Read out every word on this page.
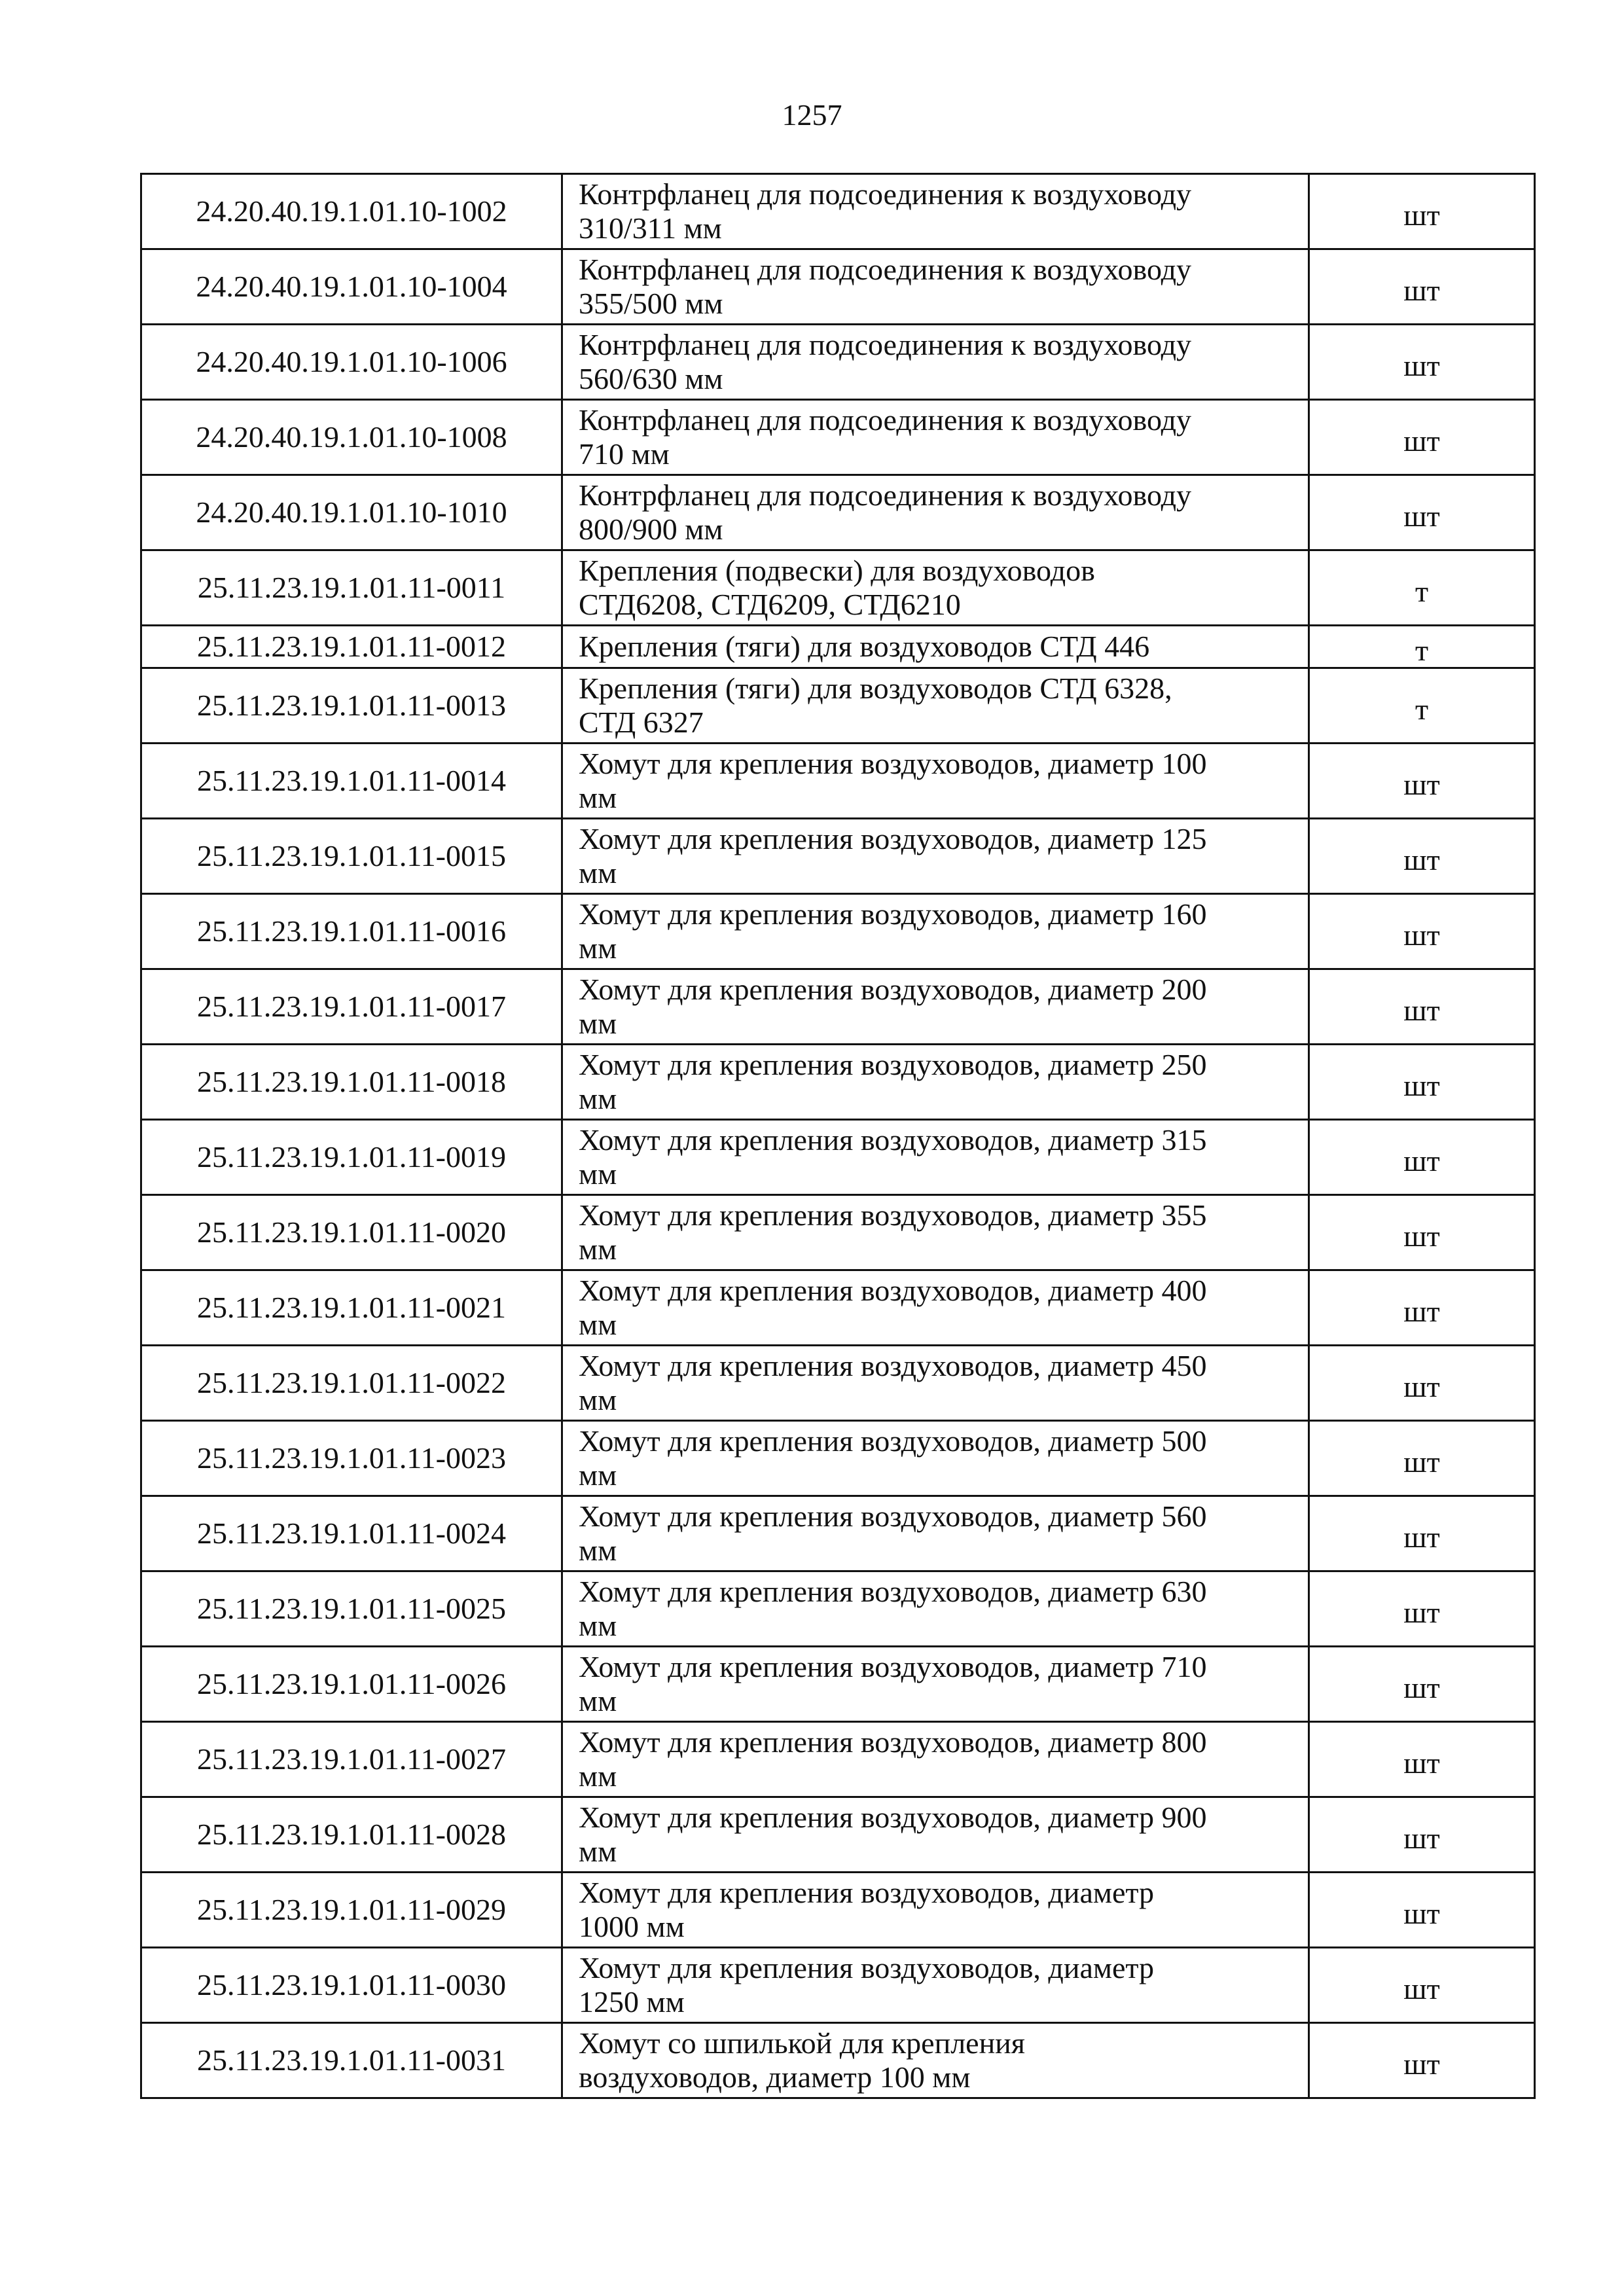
1257
24.20.40.19.1.01.10-1002	Контрфланец для подсоединения к воздуховоду
310/311 мм	шт
24.20.40.19.1.01.10-1004	Контрфланец для подсоединения к воздуховоду
355/500 мм	шт
24.20.40.19.1.01.10-1006	Контрфланец для подсоединения к воздуховоду
560/630 мм	шт
24.20.40.19.1.01.10-1008	Контрфланец для подсоединения к воздуховоду
710 мм	шт
24.20.40.19.1.01.10-1010	Контрфланец для подсоединения к воздуховоду
800/900 мм	шт
25.11.23.19.1.01.11-0011	Крепления (подвески) для воздуховодов
СТД6208, СТД6209, СТД6210	т
25.11.23.19.1.01.11-0012	Крепления (тяги) для воздуховодов СТД 446	т
25.11.23.19.1.01.11-0013	Крепления (тяги) для воздуховодов СТД 6328,
СТД 6327	т
25.11.23.19.1.01.11-0014	Хомут для крепления воздуховодов, диаметр 100
мм	шт
25.11.23.19.1.01.11-0015	Хомут для крепления воздуховодов, диаметр 125
мм	шт
25.11.23.19.1.01.11-0016	Хомут для крепления воздуховодов, диаметр 160
мм	шт
25.11.23.19.1.01.11-0017	Хомут для крепления воздуховодов, диаметр 200
мм	шт
25.11.23.19.1.01.11-0018	Хомут для крепления воздуховодов, диаметр 250
мм	шт
25.11.23.19.1.01.11-0019	Хомут для крепления воздуховодов, диаметр 315
мм	шт
25.11.23.19.1.01.11-0020	Хомут для крепления воздуховодов, диаметр 355
мм	шт
25.11.23.19.1.01.11-0021	Хомут для крепления воздуховодов, диаметр 400
мм	шт
25.11.23.19.1.01.11-0022	Хомут для крепления воздуховодов, диаметр 450
мм	шт
25.11.23.19.1.01.11-0023	Хомут для крепления воздуховодов, диаметр 500
мм	шт
25.11.23.19.1.01.11-0024	Хомут для крепления воздуховодов, диаметр 560
мм	шт
25.11.23.19.1.01.11-0025	Хомут для крепления воздуховодов, диаметр 630
мм	шт
25.11.23.19.1.01.11-0026	Хомут для крепления воздуховодов, диаметр 710
мм	шт
25.11.23.19.1.01.11-0027	Хомут для крепления воздуховодов, диаметр 800
мм	шт
25.11.23.19.1.01.11-0028	Хомут для крепления воздуховодов, диаметр 900
мм	шт
25.11.23.19.1.01.11-0029	Хомут для крепления воздуховодов, диаметр
1000 мм	шт
25.11.23.19.1.01.11-0030	Хомут для крепления воздуховодов, диаметр
1250 мм	шт
25.11.23.19.1.01.11-0031	Хомут со шпилькой для крепления
воздуховодов, диаметр 100 мм	шт
